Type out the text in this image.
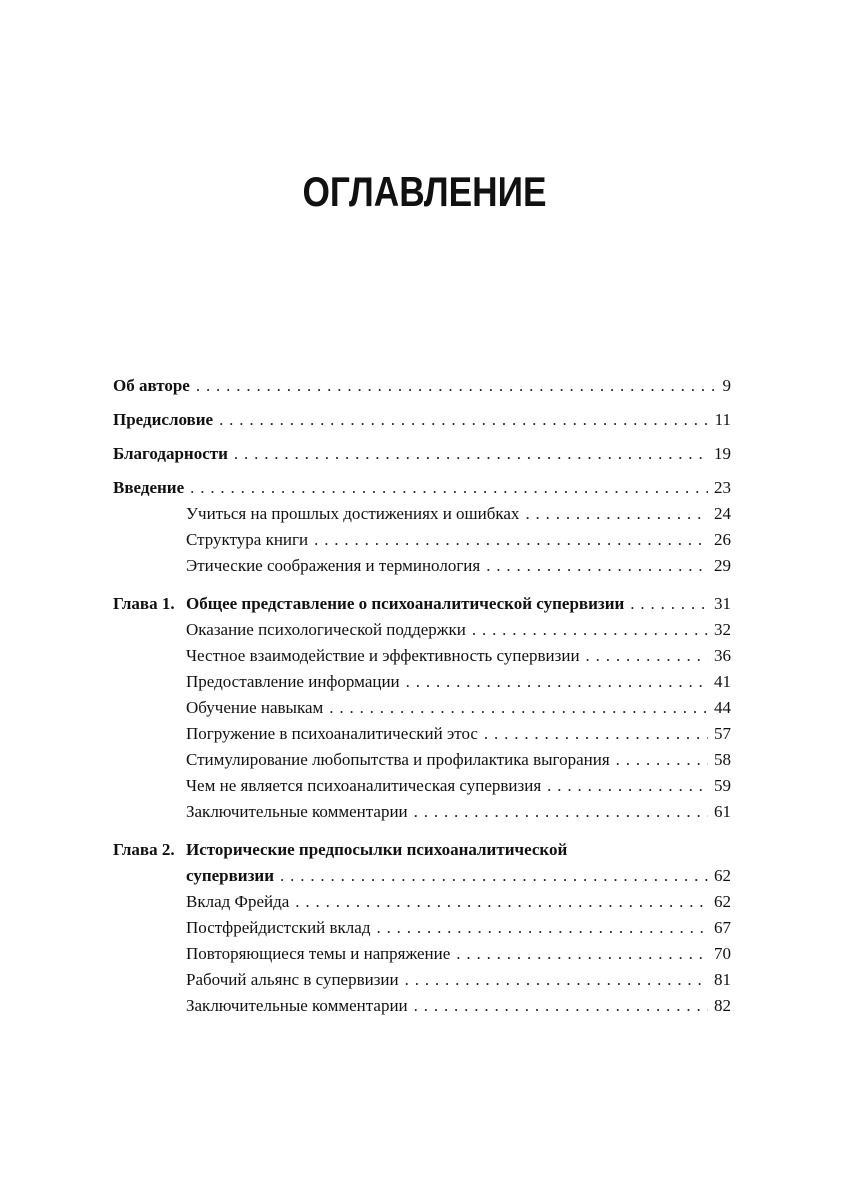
ОГЛАВЛЕНИЕ
Об авторе . . .	9
Предисловие . . .	11
Благодарности . . .	19
Введение . . .	23
Учиться на прошлых достижениях и ошибках . . .	24
Структура книги . . .	26
Этические соображения и терминология . . .	29
Глава 1. Общее представление о психоаналитической супервизии . . .	31
Оказание психологической поддержки . . .	32
Честное взаимодействие и эффективность супервизии . . .	36
Предоставление информации . . .	41
Обучение навыкам . . .	44
Погружение в психоаналитический этос . . .	57
Стимулирование любопытства и профилактика выгорания . . .	58
Чем не является психоаналитическая супервизия . . .	59
Заключительные комментарии . . .	61
Глава 2. Исторические предпосылки психоаналитической
супервизии . . .	62
Вклад Фрейда . . .	62
Постфрейдистский вклад . . .	67
Повторяющиеся темы и напряжение . . .	70
Рабочий альянс в супервизии . . .	81
Заключительные комментарии . . .	82
